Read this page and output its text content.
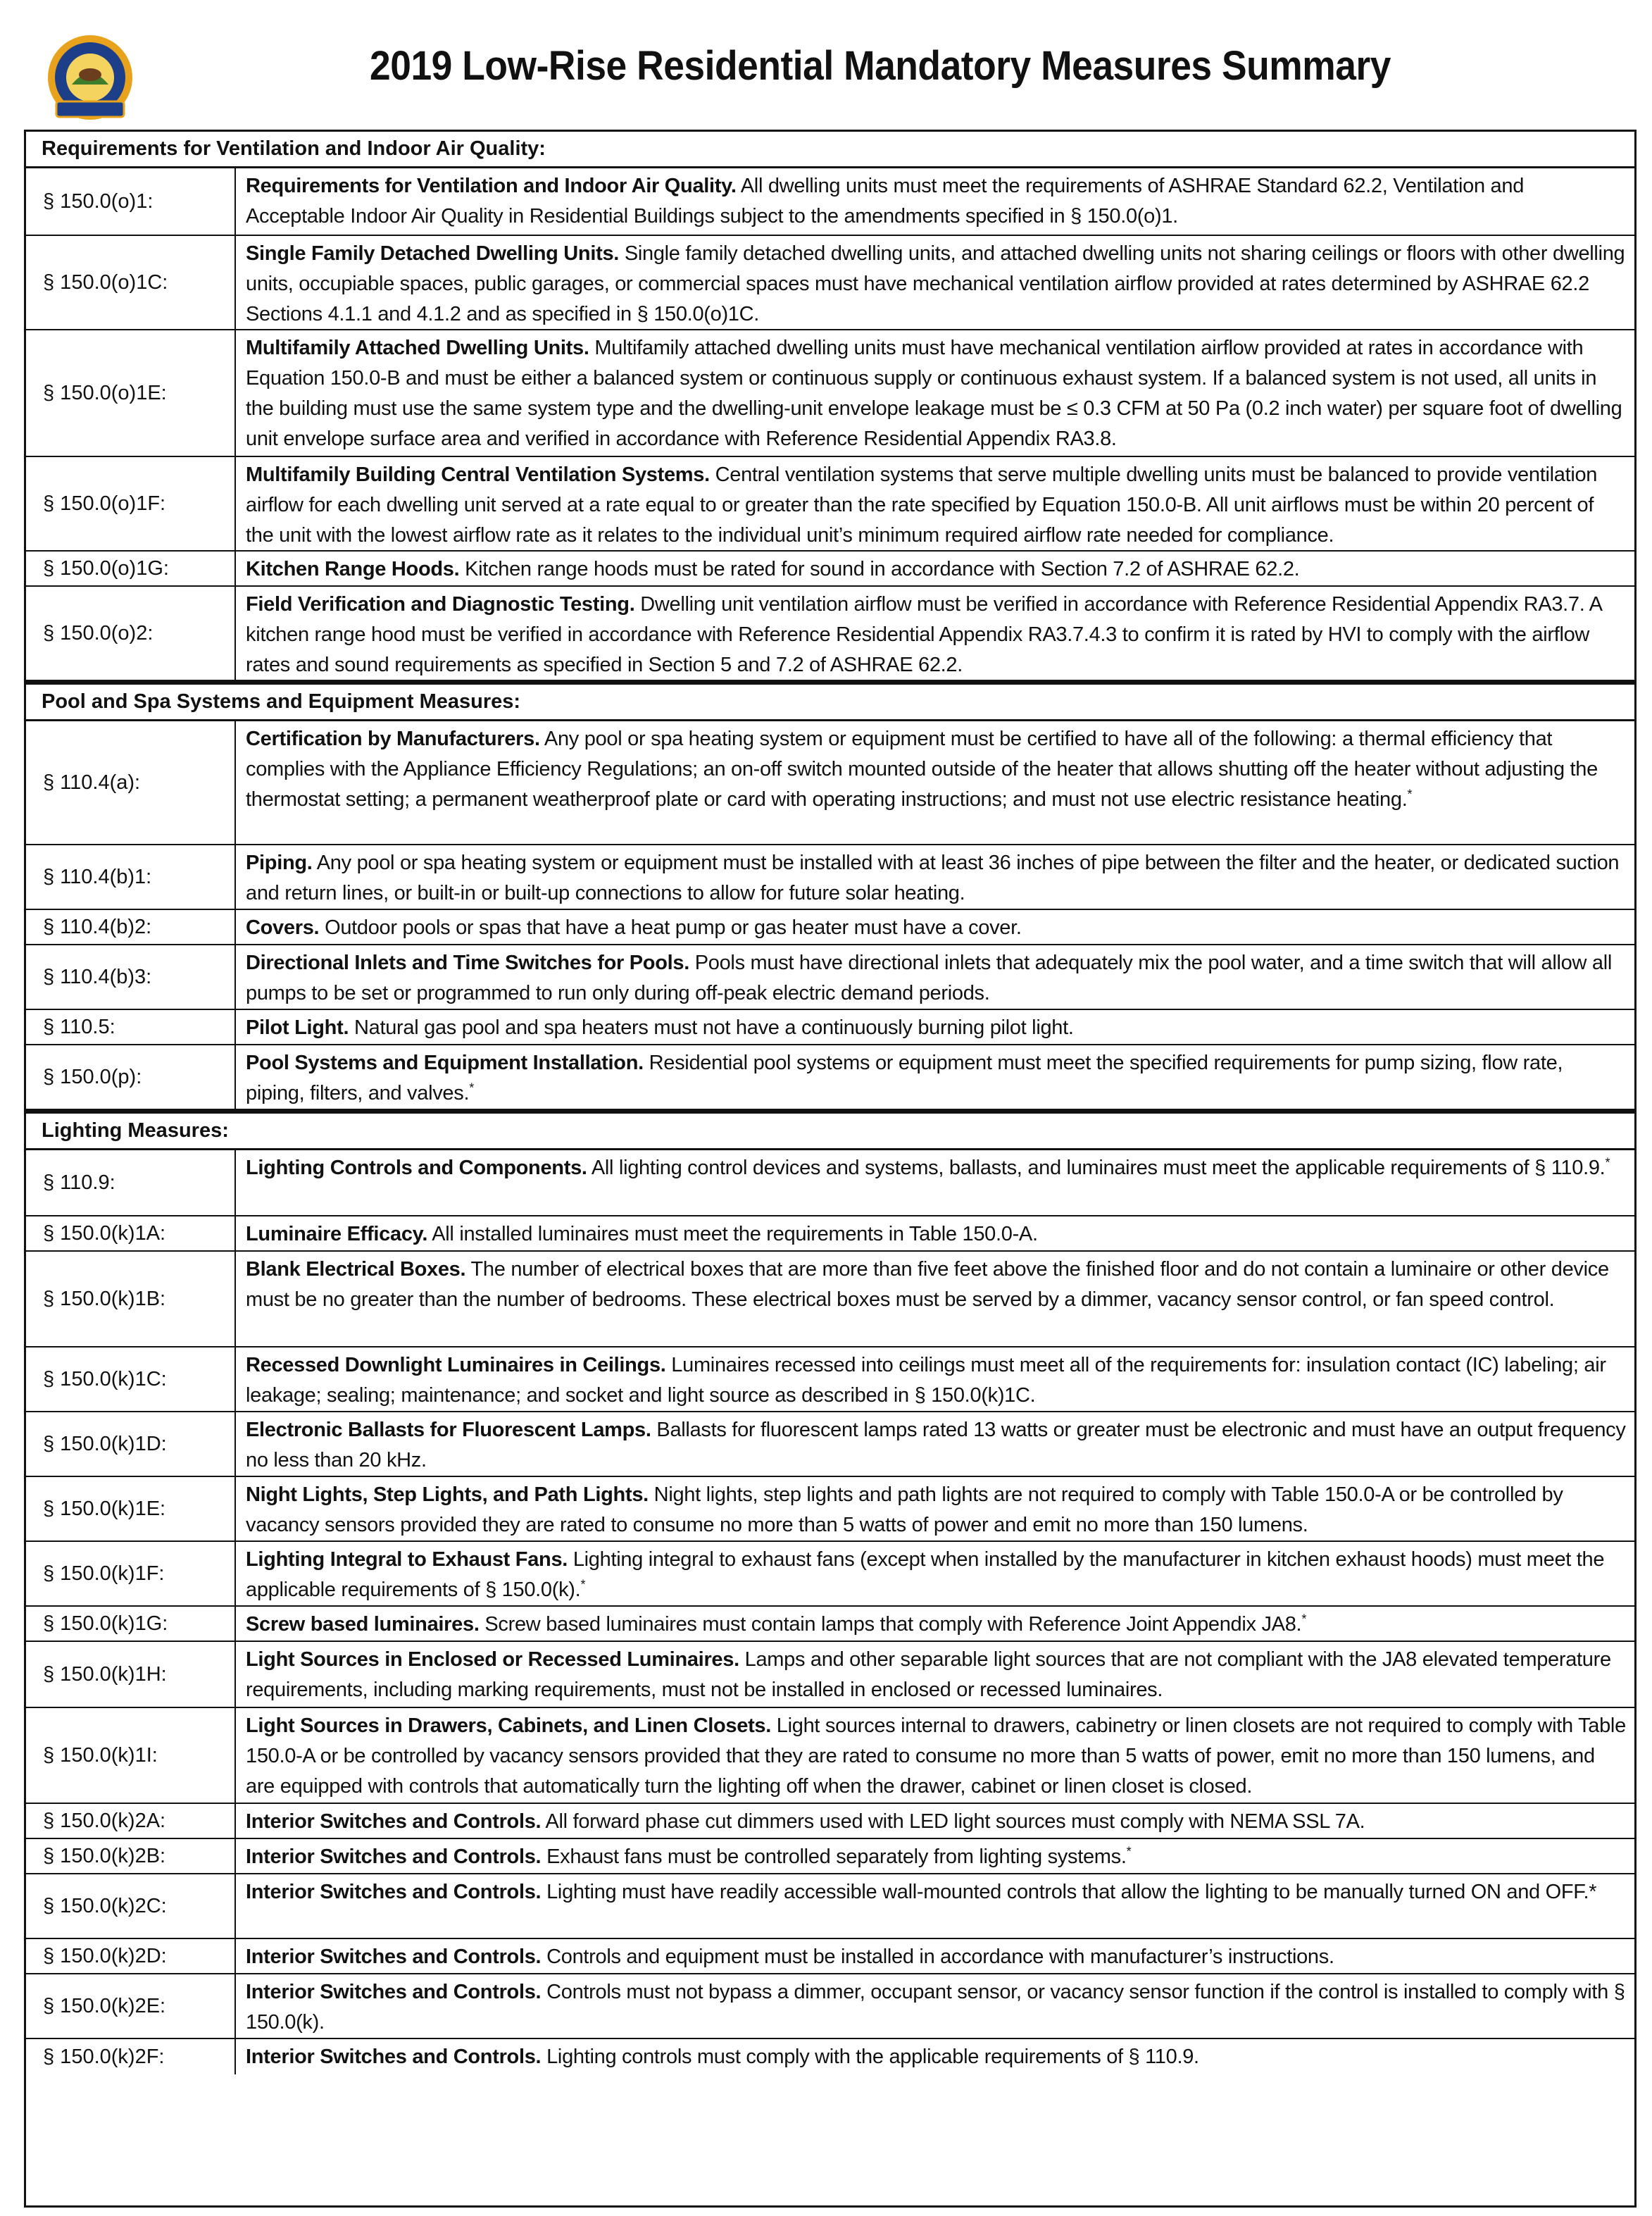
2019 Low-Rise Residential Mandatory Measures Summary
Requirements for Ventilation and Indoor Air Quality:
§ 150.0(o)1:
Requirements for Ventilation and Indoor Air Quality. All dwelling units must meet the requirements of ASHRAE Standard 62.2, Ventilation and Acceptable Indoor Air Quality in Residential Buildings subject to the amendments specified in § 150.0(o)1.
§ 150.0(o)1C:
Single Family Detached Dwelling Units. Single family detached dwelling units, and attached dwelling units not sharing ceilings or floors with other dwelling units, occupiable spaces, public garages, or commercial spaces must have mechanical ventilation airflow provided at rates determined by ASHRAE 62.2 Sections 4.1.1 and 4.1.2 and as specified in § 150.0(o)1C.
§ 150.0(o)1E:
Multifamily Attached Dwelling Units. Multifamily attached dwelling units must have mechanical ventilation airflow provided at rates in accordance with Equation 150.0-B and must be either a balanced system or continuous supply or continuous exhaust system. If a balanced system is not used, all units in the building must use the same system type and the dwelling-unit envelope leakage must be ≤ 0.3 CFM at 50 Pa (0.2 inch water) per square foot of dwelling unit envelope surface area and verified in accordance with Reference Residential Appendix RA3.8.
§ 150.0(o)1F:
Multifamily Building Central Ventilation Systems. Central ventilation systems that serve multiple dwelling units must be balanced to provide ventilation airflow for each dwelling unit served at a rate equal to or greater than the rate specified by Equation 150.0-B. All unit airflows must be within 20 percent of the unit with the lowest airflow rate as it relates to the individual unit’s minimum required airflow rate needed for compliance.
§ 150.0(o)1G:	Kitchen Range Hoods. Kitchen range hoods must be rated for sound in accordance with Section 7.2 of ASHRAE 62.2.
§ 150.0(o)2:
Field Verification and Diagnostic Testing. Dwelling unit ventilation airflow must be verified in accordance with Reference Residential Appendix RA3.7. A kitchen range hood must be verified in accordance with Reference Residential Appendix RA3.7.4.3 to confirm it is rated by HVI to comply with the airflow rates and sound requirements as specified in Section 5 and 7.2 of ASHRAE 62.2.
Pool and Spa Systems and Equipment Measures:
§ 110.4(a):
Certification by Manufacturers. Any pool or spa heating system or equipment must be certified to have all of the following: a thermal efficiency that complies with the Appliance Efficiency Regulations; an on-off switch mounted outside of the heater that allows shutting off the heater without adjusting the thermostat setting; a permanent weatherproof plate or card with operating instructions; and must not use electric resistance heating.*
§ 110.4(b)1:
Piping. Any pool or spa heating system or equipment must be installed with at least 36 inches of pipe between the filter and the heater, or dedicated suction and return lines, or built-in or built-up connections to allow for future solar heating.
§ 110.4(b)2:	Covers. Outdoor pools or spas that have a heat pump or gas heater must have a cover.
§ 110.4(b)3:
Directional Inlets and Time Switches for Pools. Pools must have directional inlets that adequately mix the pool water, and a time switch that will allow all pumps to be set or programmed to run only during off-peak electric demand periods.
§ 110.5:	Pilot Light. Natural gas pool and spa heaters must not have a continuously burning pilot light.
§ 150.0(p):
Pool Systems and Equipment Installation. Residential pool systems or equipment must meet the specified requirements for pump sizing, flow rate, piping, filters, and valves.*
Lighting Measures:
§ 110.9:
Lighting Controls and Components. All lighting control devices and systems, ballasts, and luminaires must meet the applicable requirements of § 110.9.*
§ 150.0(k)1A:	Luminaire Efficacy. All installed luminaires must meet the requirements in Table 150.0-A.
§ 150.0(k)1B:
Blank Electrical Boxes. The number of electrical boxes that are more than five feet above the finished floor and do not contain a luminaire or other device must be no greater than the number of bedrooms. These electrical boxes must be served by a dimmer, vacancy sensor control, or fan speed control.
§ 150.0(k)1C:
Recessed Downlight Luminaires in Ceilings. Luminaires recessed into ceilings must meet all of the requirements for: insulation contact (IC) labeling; air leakage; sealing; maintenance; and socket and light source as described in § 150.0(k)1C.
§ 150.0(k)1D:
Electronic Ballasts for Fluorescent Lamps. Ballasts for fluorescent lamps rated 13 watts or greater must be electronic and must have an output frequency no less than 20 kHz.
§ 150.0(k)1E:
Night Lights, Step Lights, and Path Lights. Night lights, step lights and path lights are not required to comply with Table 150.0-A or be controlled by vacancy sensors provided they are rated to consume no more than 5 watts of power and emit no more than 150 lumens.
§ 150.0(k)1F:
Lighting Integral to Exhaust Fans. Lighting integral to exhaust fans (except when installed by the manufacturer in kitchen exhaust hoods) must meet the applicable requirements of § 150.0(k).*
§ 150.0(k)1G:	Screw based luminaires. Screw based luminaires must contain lamps that comply with Reference Joint Appendix JA8.*
§ 150.0(k)1H:
Light Sources in Enclosed or Recessed Luminaires. Lamps and other separable light sources that are not compliant with the JA8 elevated temperature requirements, including marking requirements, must not be installed in enclosed or recessed luminaires.
§ 150.0(k)1I:
Light Sources in Drawers, Cabinets, and Linen Closets. Light sources internal to drawers, cabinetry or linen closets are not required to comply with Table 150.0-A or be controlled by vacancy sensors provided that they are rated to consume no more than 5 watts of power, emit no more than 150 lumens, and are equipped with controls that automatically turn the lighting off when the drawer, cabinet or linen closet is closed.
§ 150.0(k)2A:	Interior Switches and Controls. All forward phase cut dimmers used with LED light sources must comply with NEMA SSL 7A.
§ 150.0(k)2B:	Interior Switches and Controls. Exhaust fans must be controlled separately from lighting systems.*
§ 150.0(k)2C:
Interior Switches and Controls. Lighting must have readily accessible wall-mounted controls that allow the lighting to be manually turned ON and OFF.*
§ 150.0(k)2D:	Interior Switches and Controls. Controls and equipment must be installed in accordance with manufacturer’s instructions.
§ 150.0(k)2E:
Interior Switches and Controls. Controls must not bypass a dimmer, occupant sensor, or vacancy sensor function if the control is installed to comply with § 150.0(k).
§ 150.0(k)2F:	Interior Switches and Controls. Lighting controls must comply with the applicable requirements of § 110.9.
